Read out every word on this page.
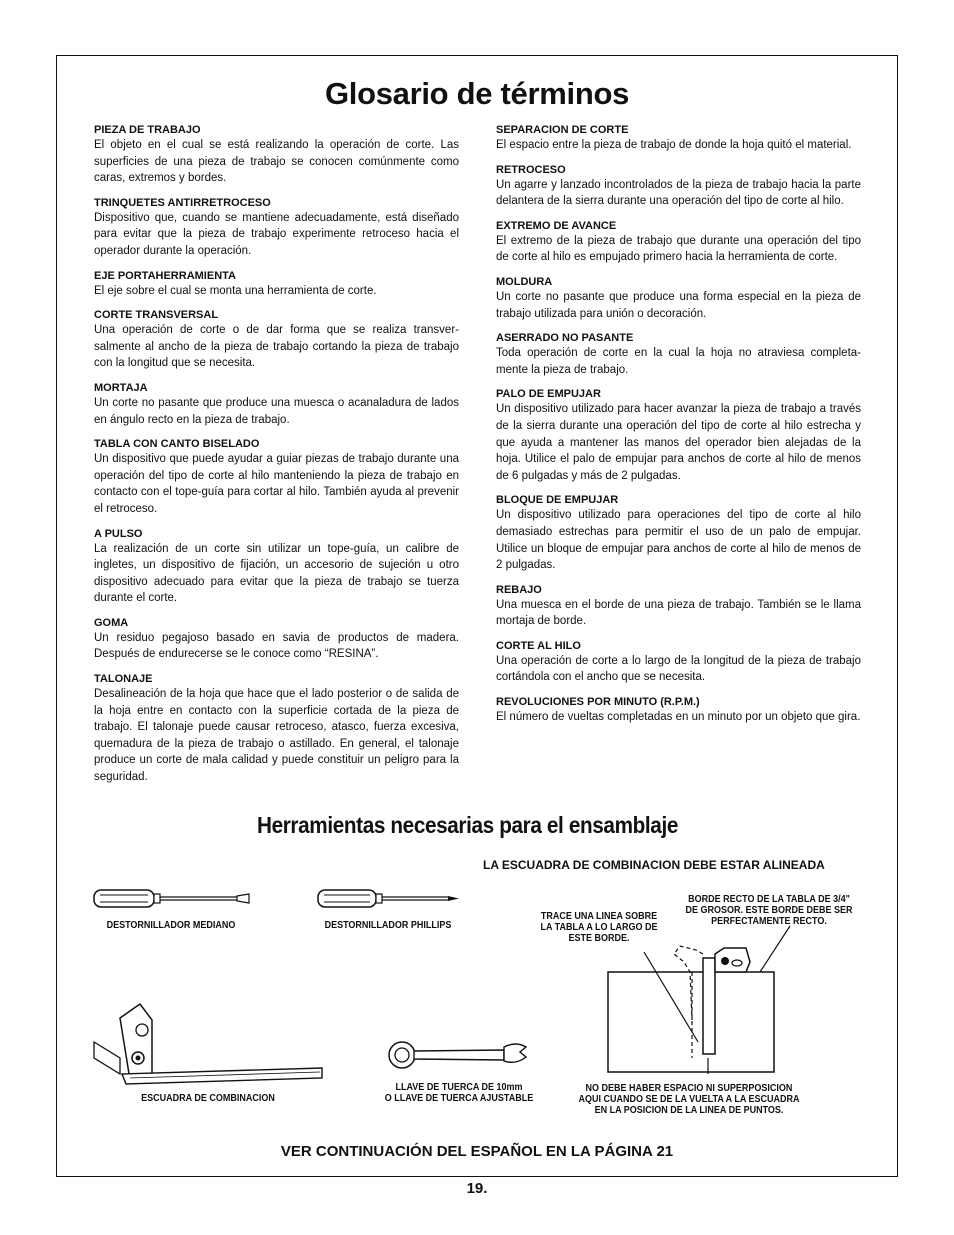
Glosario de términos
PIEZA DE TRABAJO
El objeto en el cual se está realizando la operación de corte. Las superficies de una pieza de trabajo se conocen comúnmente como caras, extremos y bordes.
TRINQUETES ANTIRRETROCESO
Dispositivo que, cuando se mantiene adecuadamente, está diseñado para evitar que la pieza de trabajo experimente retroceso hacia el operador durante la operación.
EJE PORTAHERRAMIENTA
El eje sobre el cual se monta una herramienta de corte.
CORTE TRANSVERSAL
Una operación de corte o de dar forma que se realiza transver- salmente al ancho de la pieza de trabajo cortando la pieza de trabajo con la longitud que se necesita.
MORTAJA
Un corte no pasante que produce una muesca o acanaladura de lados en ángulo recto en la pieza de trabajo.
TABLA CON CANTO BISELADO
Un dispositivo que puede ayudar a guiar piezas de trabajo durante una operación del tipo de corte al hilo manteniendo la pieza de trabajo en contacto con el tope-guía para cortar al hilo. También ayuda al prevenir el retroceso.
A PULSO
La realización de un corte sin utilizar un tope-guía, un calibre de ingletes, un dispositivo de fijación, un accesorio de sujeción u otro dispositivo adecuado para evitar que la pieza de trabajo se tuerza durante el corte.
GOMA
Un residuo pegajoso basado en savia de productos de madera. Después de endurecerse se le conoce como “RESINA”.
TALONAJE
Desalineación de la hoja que hace que el lado posterior o de salida de la hoja entre en contacto con la superficie cortada de la pieza de trabajo. El talonaje puede causar retroceso, atasco, fuerza excesiva, quemadura de la pieza de trabajo o astillado. En general, el talonaje produce un corte de mala calidad y puede constituir un peligro para la seguridad.
SEPARACION DE CORTE
El espacio entre la pieza de trabajo de donde la hoja quitó el material.
RETROCESO
Un agarre y lanzado incontrolados de la pieza de trabajo hacia la parte delantera de la sierra durante una operación del tipo de corte al hilo.
EXTREMO DE AVANCE
El extremo de la pieza de trabajo que durante una operación del tipo de corte al hilo es empujado primero hacia la herramienta de corte.
MOLDURA
Un corte no pasante que produce una forma especial en la pieza de trabajo utilizada para unión o decoración.
ASERRADO NO PASANTE
Toda operación de corte en la cual la hoja no atraviesa completa- mente la pieza de trabajo.
PALO DE EMPUJAR
Un dispositivo utilizado para hacer avanzar la pieza de trabajo a través de la sierra durante una operación del tipo de corte al hilo estrecha y que ayuda a mantener las manos del operador bien alejadas de la hoja. Utilice el palo de empujar para anchos de corte al hilo de menos de 6 pulgadas y más de 2 pulgadas.
BLOQUE DE EMPUJAR
Un dispositivo utilizado para operaciones del tipo de corte al hilo demasiado estrechas para permitir el uso de un palo de empujar. Utilice un bloque de empujar para anchos de corte al hilo de menos de 2 pulgadas.
REBAJO
Una muesca en el borde de una pieza de trabajo. También se le llama mortaja de borde.
CORTE AL HILO
Una operación de corte a lo largo de la longitud de la pieza de trabajo cortándola con el ancho que se necesita.
REVOLUCIONES POR MINUTO (R.P.M.)
El número de vueltas completadas en un minuto por un objeto que gira.
Herramientas necesarias para el ensamblaje
LA ESCUADRA DE COMBINACION DEBE ESTAR ALINEADA
DESTORNILLADOR MEDIANO	DESTORNILLADOR PHILLIPS
ESCUADRA DE COMBINACION
LLAVE DE TUERCA DE 10mm
O LLAVE DE TUERCA AJUSTABLE
TRACE UNA LINEA SOBRE LA TABLA A LO LARGO DE ESTE BORDE.
BORDE RECTO DE LA TABLA DE 3/4" DE GROSOR. ESTE BORDE DEBE SER PERFECTAMENTE RECTO.
NO DEBE HABER ESPACIO NI SUPERPOSICION AQUI CUANDO SE DE LA VUELTA A LA ESCUADRA EN LA POSICION DE LA LINEA DE PUNTOS.
VER CONTINUACIÓN DEL ESPAÑOL EN LA PÁGINA 21
19.
